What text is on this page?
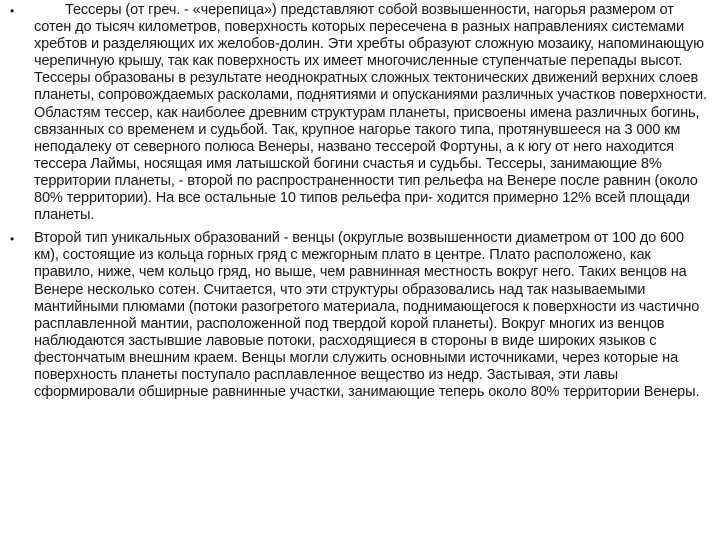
•	Тессеры (от греч. - «черепица») представляют собой возвышенности, нагорья размером от сотен до тысяч километров, поверхность которых пересечена в разных направлениях системами хребтов и разделяющих их желобов-долин. Эти хребты образуют сложную мозаику, напоминающую черепичную крышу, так как поверхность их имеет многочисленные ступенчатые перепады высот. Тессеры образованы в результате неоднократных сложных тектонических движений верхних слоев планеты, сопровождаемых расколами, поднятиями и опусканиями различных участков поверхности. Областям тессер, как наиболее древним структурам планеты, присвоены имена различных богинь, связанных со временем и судьбой. Так, крупное нагорье такого типа, протянувшееся на 3 000 км неподалеку от северного полюса Венеры, названо тессерой Фортуны, а к югу от него находится тессера Лаймы, носящая имя латышской богини счастья и судьбы. Тессеры, занимающие 8% территории планеты, - второй по распространенности тип рельефа на Венере после равнин (около 80% территории). На все остальные 10 типов рельефа при- ходится примерно 12% всей площади планеты.
• Второй тип уникальных образований - венцы (округлые возвышенности диаметром от 100 до 600 км), состоящие из кольца горных гряд с межгорным плато в центре. Плато расположено, как правило, ниже, чем кольцо гряд, но выше, чем равнинная местность вокруг него. Таких венцов на Венере несколько сотен. Считается, что эти структуры образовались над так называемыми мантийными плюмами (потоки разогретого материала, поднимающегося к поверхности из частично расплавленной мантии, расположенной под твердой корой планеты). Вокруг многих из венцов наблюдаются застывшие лавовые потоки, расходящиеся в стороны в виде широких языков с фестончатым внешним краем. Венцы могли служить основными источниками, через которые на поверхность планеты поступало расплавленное вещество из недр. Застывая, эти лавы сформировали обширные равнинные участки, занимающие теперь около 80% территории Венеры.
